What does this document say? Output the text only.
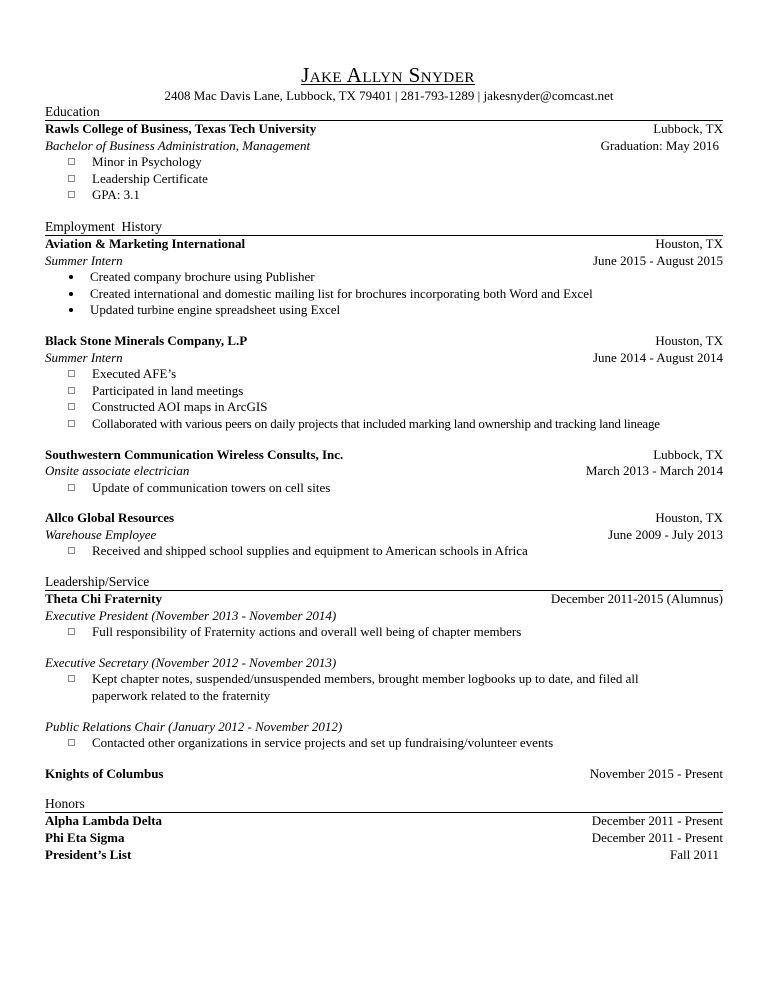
Jake Allyn Snyder
2408 Mac Davis Lane, Lubbock, TX 79401 | 281-793-1289 | jakesnyder@comcast.net
Education
Rawls College of Business, Texas Tech University	Lubbock, TX
Bachelor of Business Administration, Management	Graduation: May 2016
Minor in Psychology
Leadership Certificate
GPA: 3.1
Employment  History
Aviation & Marketing International	Houston, TX
Summer Intern	June 2015 - August 2015
Created company brochure using Publisher
Created international and domestic mailing list for brochures incorporating both Word and Excel
Updated turbine engine spreadsheet using Excel
Black Stone Minerals Company, L.P	Houston, TX
Summer Intern	June 2014 - August 2014
Executed AFE’s
Participated in land meetings
Constructed AOI maps in ArcGIS
Collaborated with various peers on daily projects that included marking land ownership and tracking land lineage
Southwestern Communication Wireless Consults, Inc.	Lubbock, TX
Onsite associate electrician	March 2013 - March 2014
Update of communication towers on cell sites
Allco Global Resources	Houston, TX
Warehouse Employee	June 2009 - July 2013
Received and shipped school supplies and equipment to American schools in Africa
Leadership/Service
Theta Chi Fraternity	December 2011-2015 (Alumnus)
Executive President (November 2013 - November 2014)
Full responsibility of Fraternity actions and overall well being of chapter members
Executive Secretary (November 2012 - November 2013)
Kept chapter notes, suspended/unsuspended members, brought member logbooks up to date, and filed all paperwork related to the fraternity
Public Relations Chair (January 2012 - November 2012)
Contacted other organizations in service projects and set up fundraising/volunteer events
Knights of Columbus	November 2015 - Present
Honors
Alpha Lambda Delta	December 2011 - Present
Phi Eta Sigma	December 2011 - Present
President’s List	Fall 2011
